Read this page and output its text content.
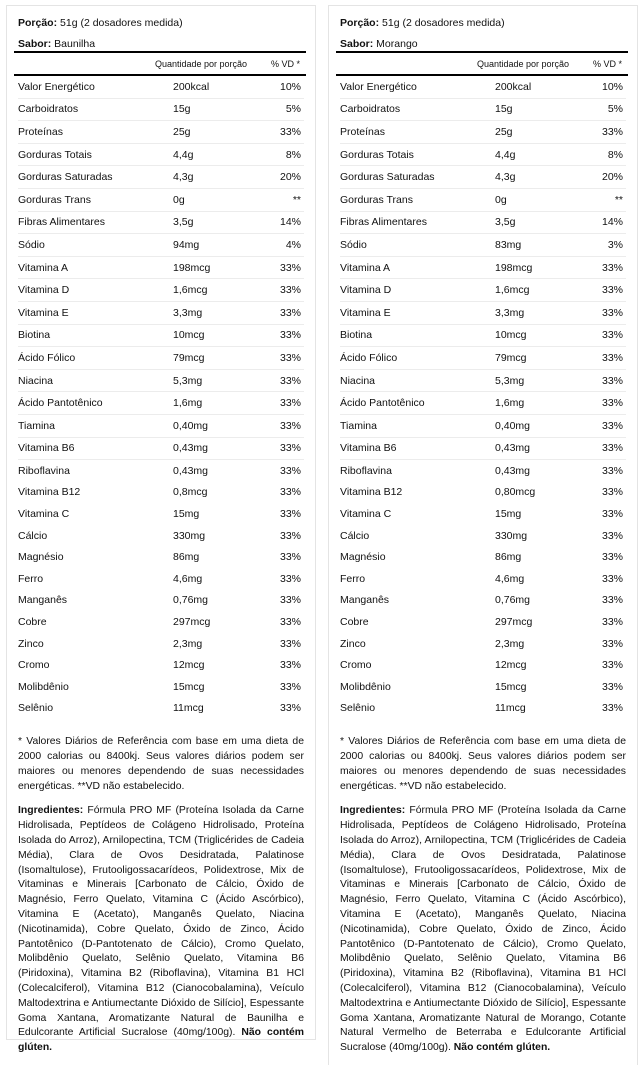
Porção: 51g (2 dosadores medida)
Sabor: Baunilha
Quantidade por porção	% VD *
Valor Energético	200kcal	10%
Carboidratos	15g	5%
Proteínas	25g	33%
Gorduras Totais	4,4g	8%
Gorduras Saturadas	4,3g	20%
Gorduras Trans	0g	**
Fibras Alimentares	3,5g	14%
Sódio	94mg	4%
Vitamina A	198mcg	33%
Vitamina D	1,6mcg	33%
Vitamina E	3,3mg	33%
Biotina	10mcg	33%
Ácido Fólico	79mcg	33%
Niacina	5,3mg	33%
Ácido Pantotênico	1,6mg	33%
Tiamina	0,40mg	33%
Vitamina B6	0,43mg	33%
Riboflavina	0,43mg	33%
Vitamina B12	0,8mcg	33%
Vitamina C	15mg	33%
Cálcio	330mg	33%
Magnésio	86mg	33%
Ferro	4,6mg	33%
Manganês	0,76mg	33%
Cobre	297mcg	33%
Zinco	2,3mg	33%
Cromo	12mcg	33%
Molibdênio	15mcg	33%
Selênio	11mcg	33%
* Valores Diários de Referência com base em uma dieta de 2000 calorias ou 8400kj. Seus valores diários podem ser maiores ou menores dependendo de suas necessidades energéticas. **VD não estabelecido.
Ingredientes: Fórmula PRO MF (Proteína Isolada da Carne Hidrolisada, Peptídeos de Colágeno Hidrolisado, Proteína Isolada do Arroz), Arnilopectina, TCM (Triglicérides de Cadeia Média), Clara de Ovos Desidratada, Palatinose (Isomaltulose), Frutooligossacarídeos, Polidextrose, Mix de Vitaminas e Minerais [Carbonato de Cálcio, Óxido de Magnésio, Ferro Quelato, Vitamina C (Ácido Ascórbico), Vitamina E (Acetato), Manganês Quelato, Niacina (Nicotinamida), Cobre Quelato, Óxido de Zinco, Ácido Pantotênico (D-Pantotenato de Cálcio), Cromo Quelato, Molibdênio Quelato, Selênio Quelato, Vitamina B6 (Piridoxina), Vitamina B2 (Riboflavina), Vitamina B1 HCl (Colecalciferol), Vitamina B12 (Cianocobalamina), Veículo Maltodextrina e Antiumectante Dióxido de Silício], Espessante Goma Xantana, Aromatizante Natural de Baunilha e Edulcorante Artificial Sucralose (40mg/100g). Não contém glúten.
Porção: 51g (2 dosadores medida)
Sabor: Morango
Quantidade por porção	% VD *
Valor Energético	200kcal	10%
Carboidratos	15g	5%
Proteínas	25g	33%
Gorduras Totais	4,4g	8%
Gorduras Saturadas	4,3g	20%
Gorduras Trans	0g	**
Fibras Alimentares	3,5g	14%
Sódio	83mg	3%
Vitamina A	198mcg	33%
Vitamina D	1,6mcg	33%
Vitamina E	3,3mg	33%
Biotina	10mcg	33%
Ácido Fólico	79mcg	33%
Niacina	5,3mg	33%
Ácido Pantotênico	1,6mg	33%
Tiamina	0,40mg	33%
Vitamina B6	0,43mg	33%
Riboflavina	0,43mg	33%
Vitamina B12	0,80mcg	33%
Vitamina C	15mg	33%
Cálcio	330mg	33%
Magnésio	86mg	33%
Ferro	4,6mg	33%
Manganês	0,76mg	33%
Cobre	297mcg	33%
Zinco	2,3mg	33%
Cromo	12mcg	33%
Molibdênio	15mcg	33%
Selênio	11mcg	33%
* Valores Diários de Referência com base em uma dieta de 2000 calorias ou 8400kj. Seus valores diários podem ser maiores ou menores dependendo de suas necessidades energéticas. **VD não estabelecido.
Ingredientes: Fórmula PRO MF (Proteína Isolada da Carne Hidrolisada, Peptídeos de Colágeno Hidrolisado, Proteína Isolada do Arroz), Arnilopectina, TCM (Triglicérides de Cadeia Média), Clara de Ovos Desidratada, Palatinose (Isomaltulose), Frutooligossacarídeos, Polidextrose, Mix de Vitaminas e Minerais [Carbonato de Cálcio, Óxido de Magnésio, Ferro Quelato, Vitamina C (Ácido Ascórbico), Vitamina E (Acetato), Manganês Quelato, Niacina (Nicotinamida), Cobre Quelato, Óxido de Zinco, Ácido Pantotênico (D-Pantotenato de Cálcio), Cromo Quelato, Molibdênio Quelato, Selênio Quelato, Vitamina B6 (Piridoxina), Vitamina B2 (Riboflavina), Vitamina B1 HCl (Colecalciferol), Vitamina B12 (Cianocobalamina), Veículo Maltodextrina e Antiumectante Dióxido de Silício], Espessante Goma Xantana, Aromatizante Natural de Morango, Cotante Natural Vermelho de Beterraba e Edulcorante Artificial Sucralose (40mg/100g). Não contém glúten.
